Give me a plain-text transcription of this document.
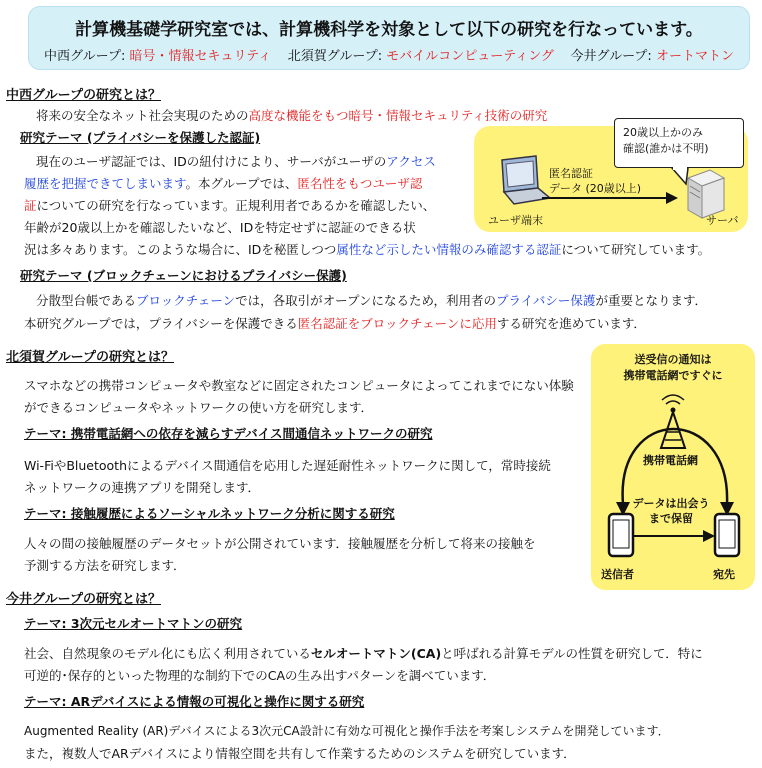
計算機基礎学研究室では、計算機科学を対象として以下の研究を行なっています。
中西グループ: 暗号・情報セキュリティ 北須賀グループ: モバイルコンピューティング 今井グループ: オートマトン
中西グループの研究とは？
将来の安全なネット社会実現のための高度な機能をもつ暗号・情報セキュリティ技術の研究
研究テーマ (プライバシーを保護した認証)
現在のユーザ認証では、IDの紐付けにより、サーバがユーザのアクセス
履歴を把握できてしまいます。本グループでは、匿名性をもつユーザ認
証についての研究を行なっています。正規利用者であるかを確認したい、
年齢が20歳以上かを確認したいなど、IDを特定せずに認証のできる状
況は多々あります。このような場合に、IDを秘匿しつつ属性など示したい情報のみ確認する認証について研究しています。
20歳以上かのみ
確認(誰かは不明)
匿名認証
データ (20歳以上)
ユーザ端末	サーバ
研究テーマ (ブロックチェーンにおけるプライバシー保護)
分散型台帳であるブロックチェーンでは，各取引がオープンになるため，利用者のプライバシー保護が重要となります．
本研究グループでは，プライバシーを保護できる匿名認証をブロックチェーンに応用する研究を進めています．
北須賀グループの研究とは？
スマホなどの携帯コンピュータや教室などに固定されたコンピュータによってこれまでにない体験
ができるコンピュータやネットワークの使い方を研究します．
テーマ: 携帯電話網への依存を減らすデバイス間通信ネットワークの研究
Wi-FiやBluetoothによるデバイス間通信を応用した遅延耐性ネットワークに関して，常時接続
ネットワークの連携アプリを開発します．
テーマ: 接触履歴によるソーシャルネットワーク分析に関する研究
人々の間の接触履歴のデータセットが公開されています．接触履歴を分析して将来の接触を
予測する方法を研究します．
送受信の通知は
携帯電話網ですぐに
携帯電話網
データは出会う
まで保留
送信者	宛先
今井グループの研究とは？
テーマ: 3次元セルオートマトンの研究
社会、自然現象のモデル化にも広く利用されているセルオートマトン(CA)と呼ばれる計算モデルの性質を研究して．特に
可逆的･保存的といった物理的な制約下でのCAの生み出すパターンを調べています．
テーマ: ARデバイスによる情報の可視化と操作に関する研究
Augmented Reality (AR)デバイスによる3次元CA設計に有効な可視化と操作手法を考案しシステムを開発しています．
また，複数人でARデバイスにより情報空間を共有して作業するためのシステムを研究しています．
